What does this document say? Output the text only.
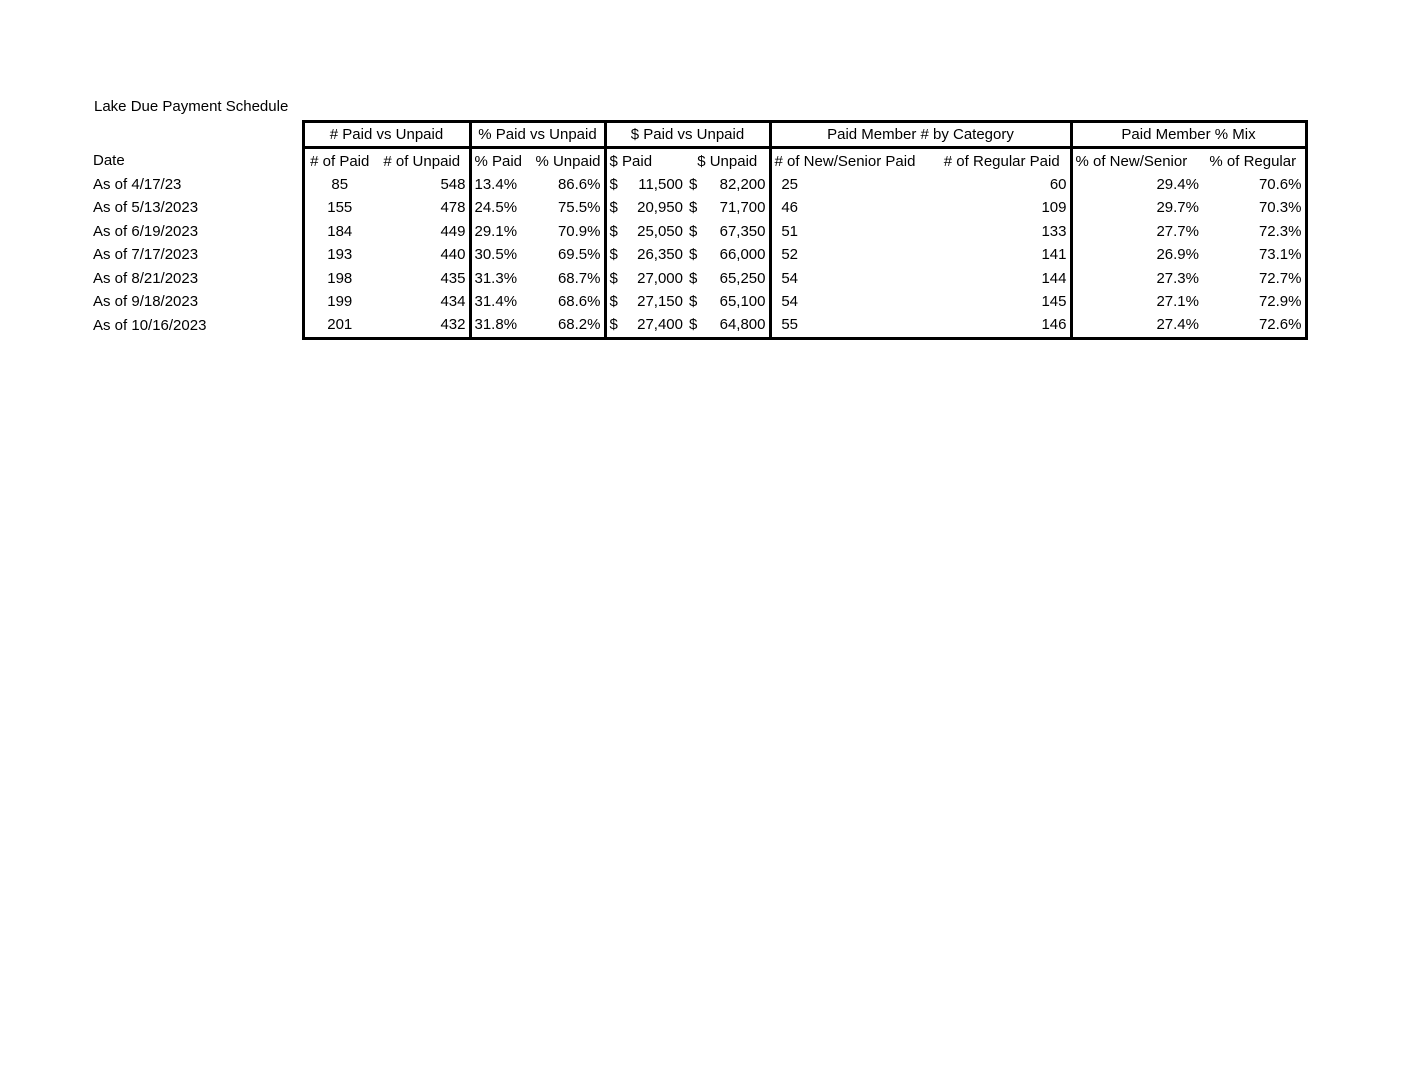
Lake Due Payment Schedule
	# Paid vs Unpaid		% Paid vs Unpaid		$ Paid vs Unpaid		Paid Member # by Category		Paid Member % Mix	
Date	# of Paid	# of Unpaid	% Paid	% Unpaid	$ Paid	$ Unpaid	# of New/Senior Paid	# of Regular Paid	% of New/Senior	% of Regular
As of 4/17/23	85	548	13.4%	86.6%	$ 11,500	$ 82,200	25	60	29.4%	70.6%
As of 5/13/2023	155	478	24.5%	75.5%	$ 20,950	$ 71,700	46	109	29.7%	70.3%
As of 6/19/2023	184	449	29.1%	70.9%	$ 25,050	$ 67,350	51	133	27.7%	72.3%
As of 7/17/2023	193	440	30.5%	69.5%	$ 26,350	$ 66,000	52	141	26.9%	73.1%
As of 8/21/2023	198	435	31.3%	68.7%	$ 27,000	$ 65,250	54	144	27.3%	72.7%
As of 9/18/2023	199	434	31.4%	68.6%	$ 27,150	$ 65,100	54	145	27.1%	72.9%
As of 10/16/2023	201	432	31.8%	68.2%	$ 27,400	$ 64,800	55	146	27.4%	72.6%
